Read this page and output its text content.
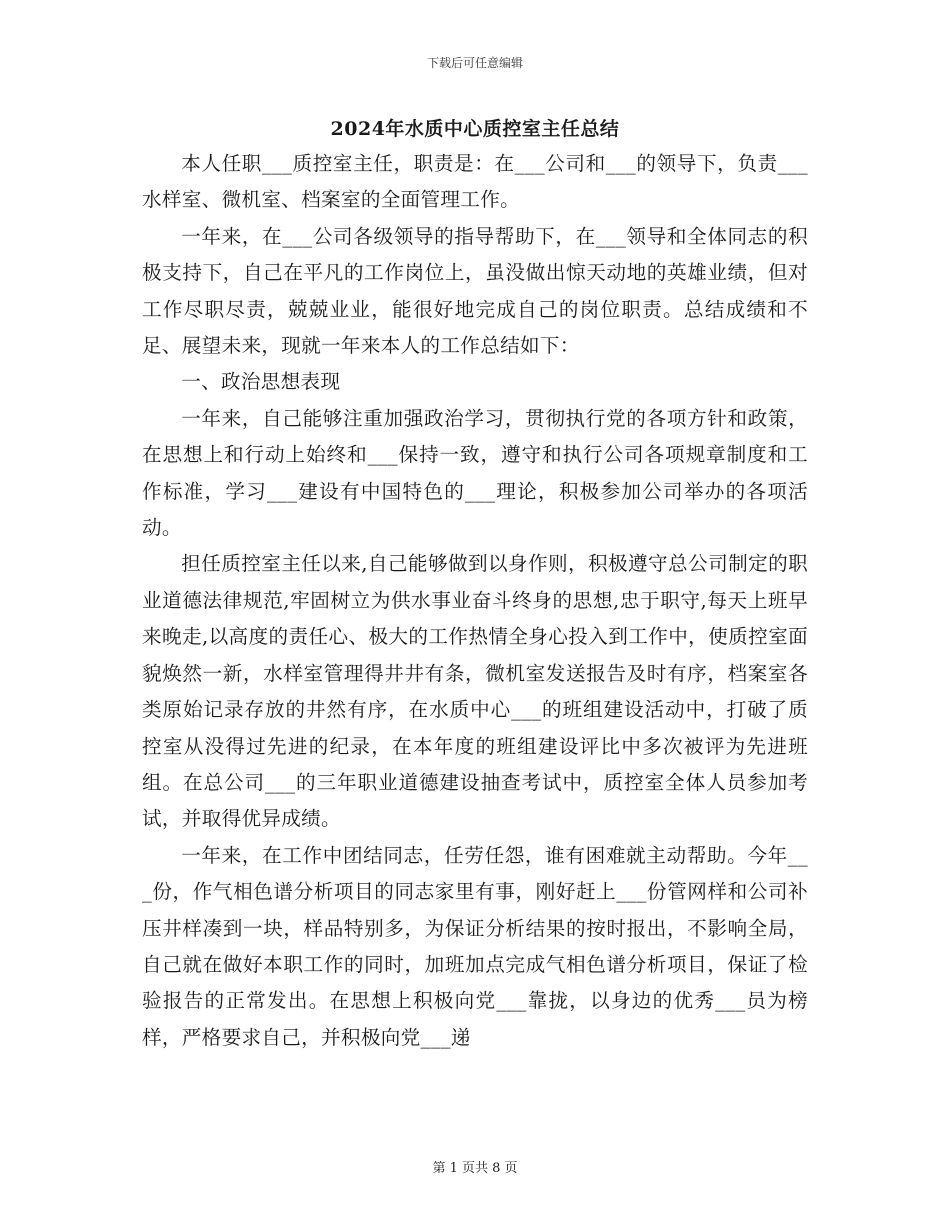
下载后可任意编辑
2024年水质中心质控室主任总结

本人任职___质控室主任，职责是：在___公司和___的领导下，负责___水样室、微机室、档案室的全面管理工作。

一年来，在___公司各级领导的指导帮助下，在___领导和全体同志的积极支持下，自己在平凡的工作岗位上，虽没做出惊天动地的英雄业绩，但对工作尽职尽责，兢兢业业，能很好地完成自己的岗位职责。总结成绩和不足、展望未来，现就一年来本人的工作总结如下：

一、政治思想表现

一年来，自己能够注重加强政治学习，贯彻执行党的各项方针和政策，在思想上和行动上始终和___保持一致，遵守和执行公司各项规章制度和工作标准，学习___建设有中国特色的___理论，积极参加公司举办的各项活动。

担任质控室主任以来,自己能够做到以身作则，积极遵守总公司制定的职业道德法律规范,牢固树立为供水事业奋斗终身的思想,忠于职守,每天上班早来晚走,以高度的责任心、极大的工作热情全身心投入到工作中，使质控室面貌焕然一新，水样室管理得井井有条，微机室发送报告及时有序，档案室各类原始记录存放的井然有序，在水质中心___的班组建设活动中，打破了质控室从没得过先进的纪录，在本年度的班组建设评比中多次被评为先进班组。在总公司___的三年职业道德建设抽查考试中，质控室全体人员参加考试，并取得优异成绩。

一年来，在工作中团结同志，任劳任怨，谁有困难就主动帮助。今年___份，作气相色谱分析项目的同志家里有事，刚好赶上___份管网样和公司补压井样凑到一块，样品特别多，为保证分析结果的按时报出，不影响全局，自己就在做好本职工作的同时，加班加点完成气相色谱分析项目，保证了检验报告的正常发出。在思想上积极向党___靠拢，以身边的优秀___员为榜样，严格要求自己，并积极向党___递

第 1 页共 8 页
